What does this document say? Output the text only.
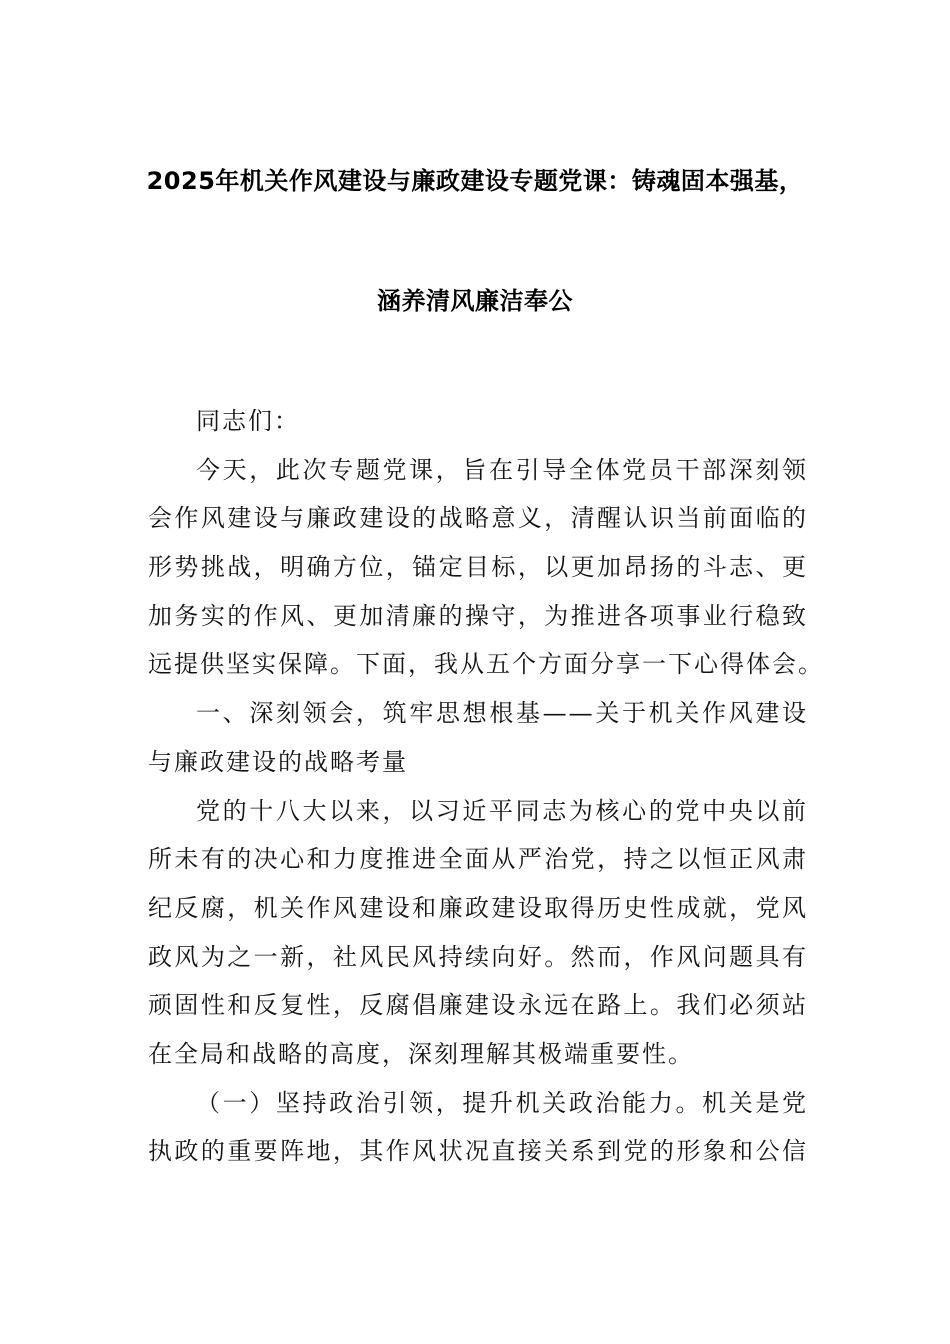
2025年机关作风建设与廉政建设专题党课：铸魂固本强基，
涵养清风廉洁奉公
同志们：
今天，此次专题党课，旨在引导全体党员干部深刻领
会作风建设与廉政建设的战略意义，清醒认识当前面临的
形势挑战，明确方位，锚定目标，以更加昂扬的斗志、更
加务实的作风、更加清廉的操守，为推进各项事业行稳致
远提供坚实保障。下面，我从五个方面分享一下心得体会。
一、深刻领会，筑牢思想根基——关于机关作风建设
与廉政建设的战略考量
党的十八大以来，以习近平同志为核心的党中央以前
所未有的决心和力度推进全面从严治党，持之以恒正风肃
纪反腐，机关作风建设和廉政建设取得历史性成就，党风
政风为之一新，社风民风持续向好。然而，作风问题具有
顽固性和反复性，反腐倡廉建设永远在路上。我们必须站
在全局和战略的高度，深刻理解其极端重要性。
（一）坚持政治引领，提升机关政治能力。机关是党
执政的重要阵地，其作风状况直接关系到党的形象和公信
